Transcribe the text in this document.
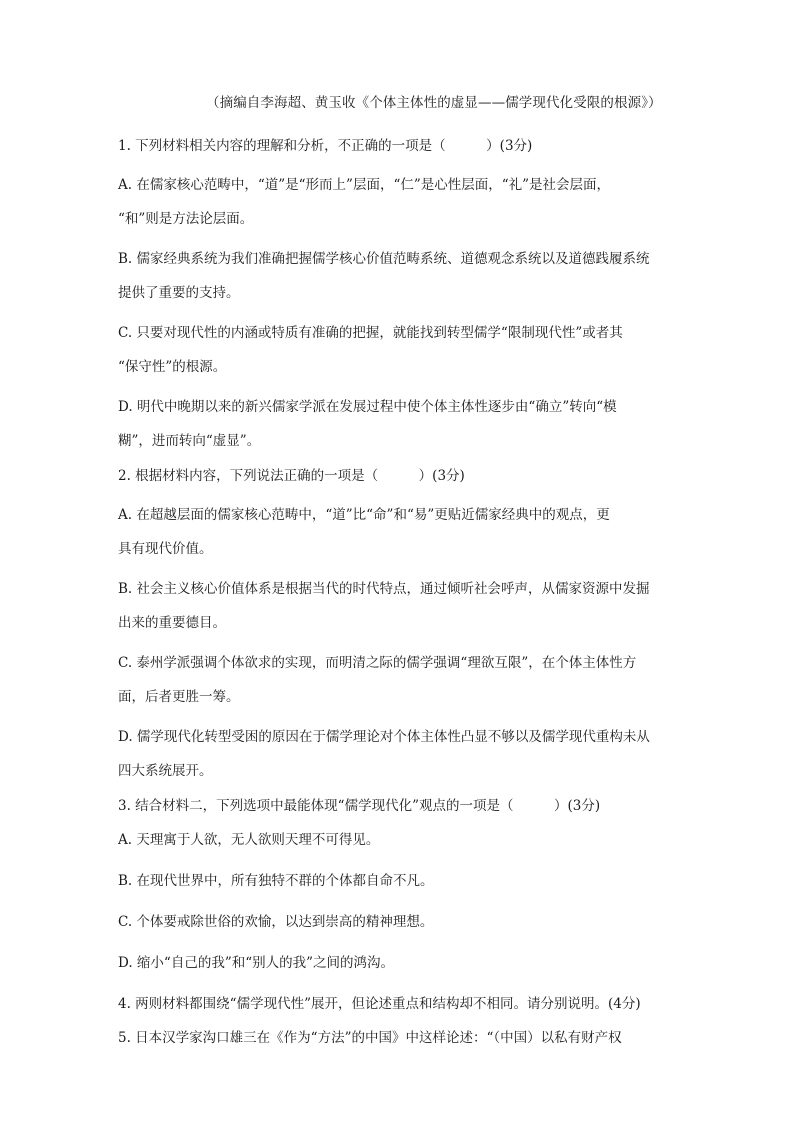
（摘编自李海超、黄玉收《个体主体性的虚显——儒学现代化受限的根源》）
1. 下列材料相关内容的理解和分析，不正确的一项是（　　　）(3分)
A. 在儒家核心范畴中，“道”是“形而上”层面，“仁”是心性层面，“礼”是社会层面，
“和”则是方法论层面。
B. 儒家经典系统为我们准确把握儒学核心价值范畴系统、道德观念系统以及道德践履系统
提供了重要的支持。
C. 只要对现代性的内涵或特质有准确的把握，就能找到转型儒学“限制现代性”或者其
“保守性”的根源。
D. 明代中晚期以来的新兴儒家学派在发展过程中使个体主体性逐步由“确立”转向“模
糊”，进而转向“虚显”。
2. 根据材料内容，下列说法正确的一项是（　　　）(3分)
A. 在超越层面的儒家核心范畴中，“道”比“命”和“易”更贴近儒家经典中的观点，更
具有现代价值。
B. 社会主义核心价值体系是根据当代的时代特点，通过倾听社会呼声，从儒家资源中发掘
出来的重要德目。
C. 泰州学派强调个体欲求的实现，而明清之际的儒学强调“理欲互限”，在个体主体性方
面，后者更胜一筹。
D. 儒学现代化转型受困的原因在于儒学理论对个体主体性凸显不够以及儒学现代重构未从
四大系统展开。
3. 结合材料二，下列选项中最能体现“儒学现代化”观点的一项是（　　　）(3分)
A. 天理寓于人欲，无人欲则天理不可得见。
B. 在现代世界中，所有独特不群的个体都自命不凡。
C. 个体要戒除世俗的欢愉，以达到崇高的精神理想。
D. 缩小“自己的我”和“别人的我”之间的鸿沟。
4. 两则材料都围绕“儒学现代性”展开，但论述重点和结构却不相同。请分别说明。(4分)
5. 日本汉学家沟口雄三在《作为“方法”的中国》中这样论述：“（中国）以私有财产权
